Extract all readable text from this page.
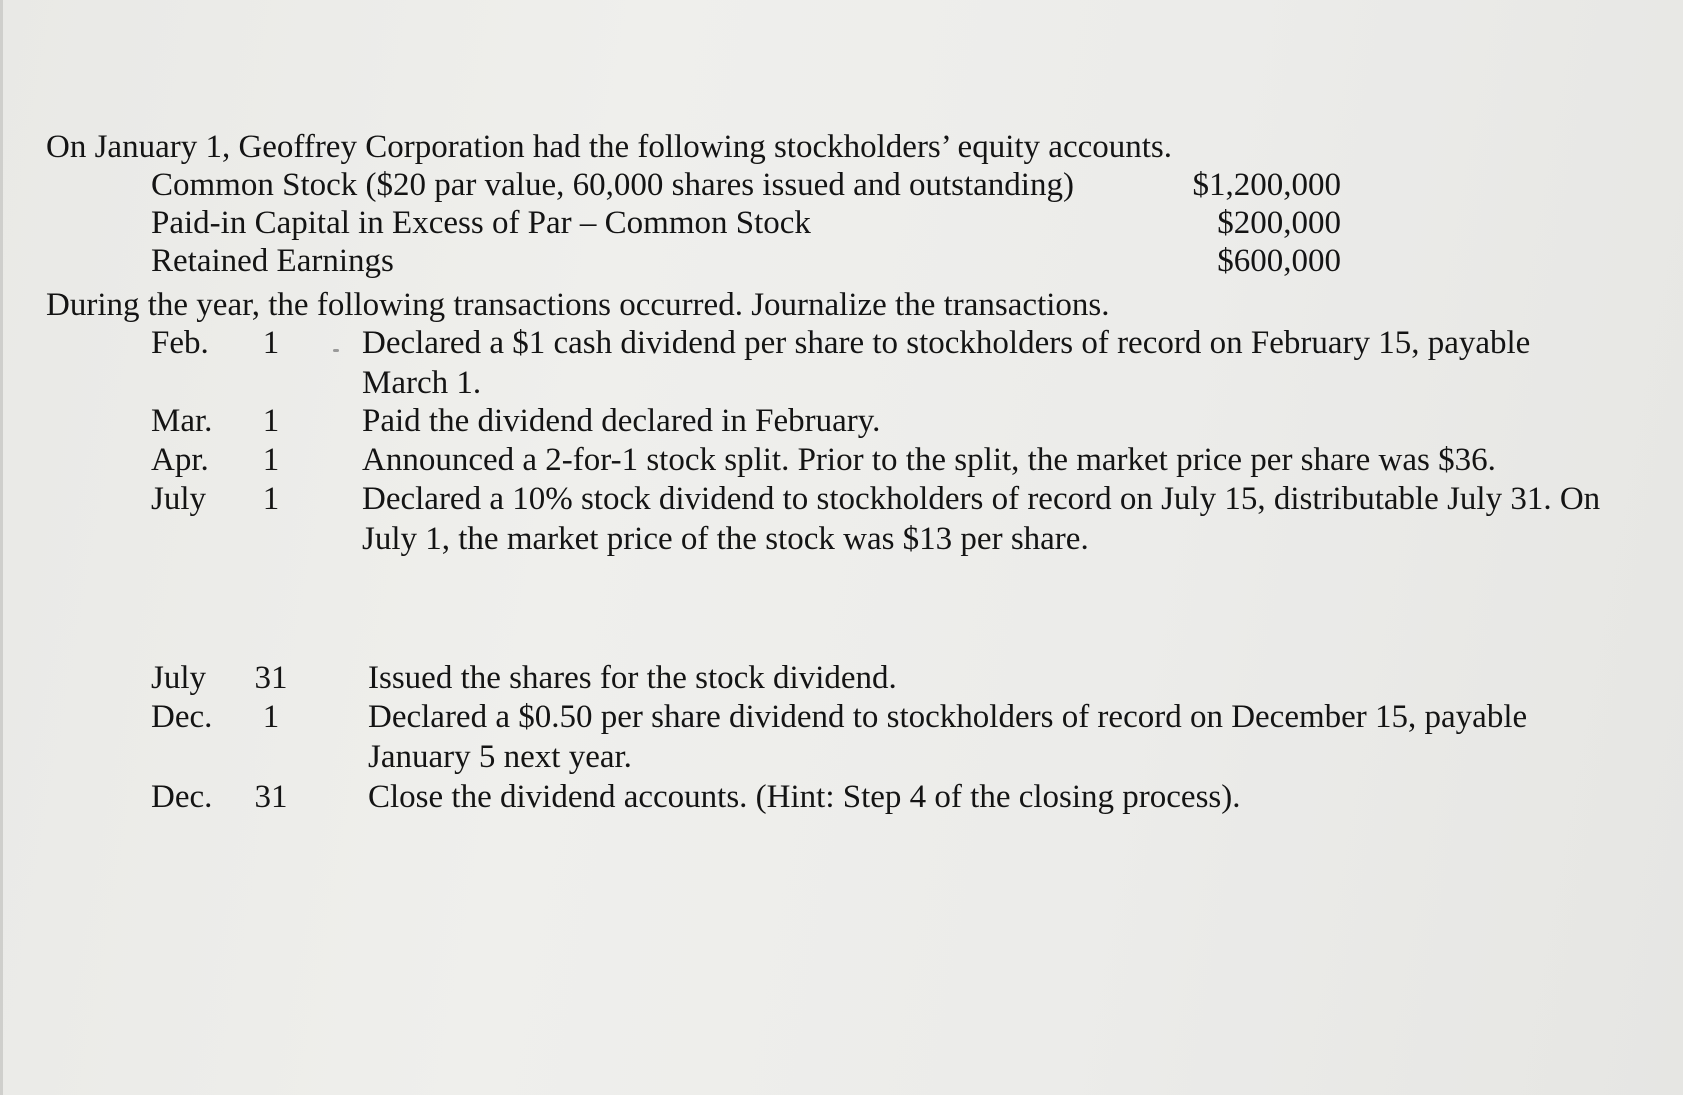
On January 1, Geoffrey Corporation had the following stockholders’ equity accounts.
Common Stock ($20 par value, 60,000 shares issued and outstanding)	$1,200,000
Paid-in Capital in Excess of Par – Common Stock	$200,000
Retained Earnings	$600,000
During the year, the following transactions occurred. Journalize the transactions.
Feb.	1	Declared a $1 cash dividend per share to stockholders of record on February 15, payable March 1.
Mar.	1	Paid the dividend declared in February.
Apr.	1	Announced a 2-for-1 stock split. Prior to the split, the market price per share was $36.
July	1	Declared a 10% stock dividend to stockholders of record on July 15, distributable July 31. On July 1, the market price of the stock was $13 per share.
July 31 Issued the shares for the stock dividend.
Dec.	1	Declared a $0.50 per share dividend to stockholders of record on December 15, payable January 5 next year.
Dec. 31 Close the dividend accounts. (Hint: Step 4 of the closing process).
